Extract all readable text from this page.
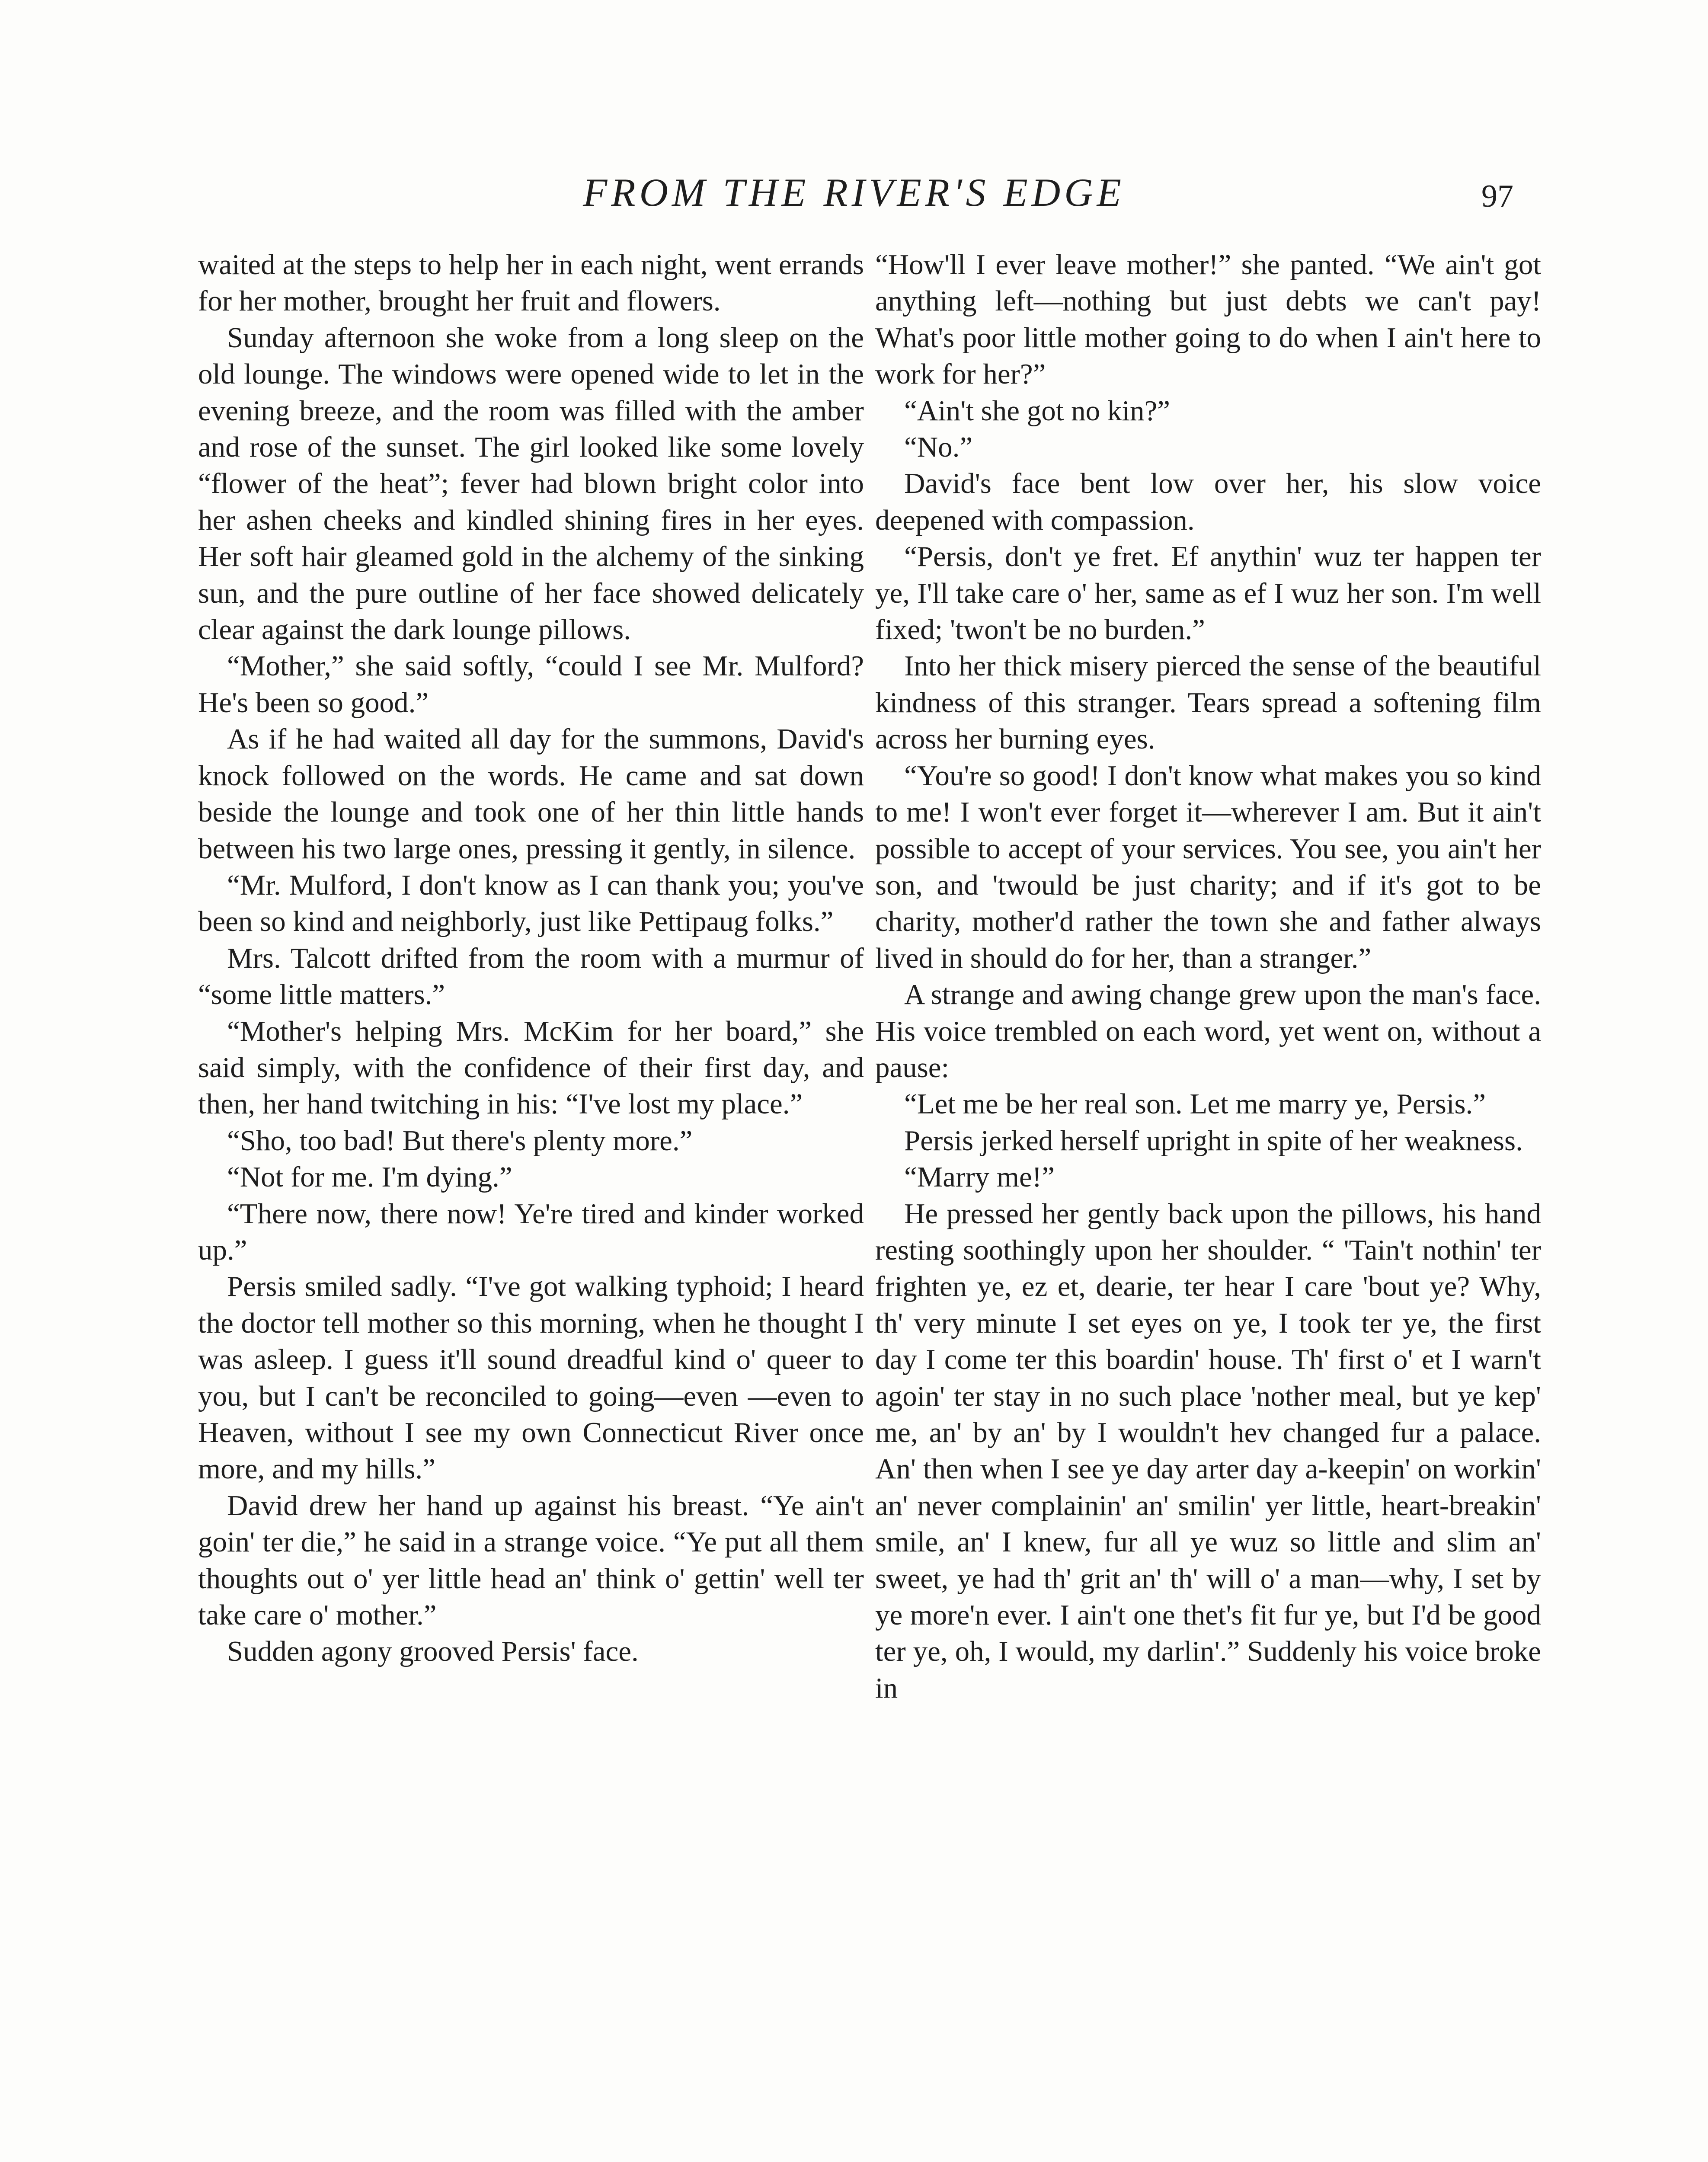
FROM THE RIVER'S EDGE	97

waited at the steps to help her in each night, went errands for her mother, brought her fruit and flowers.

Sunday afternoon she woke from a long sleep on the old lounge. The windows were opened wide to let in the evening breeze, and the room was filled with the amber and rose of the sunset. The girl looked like some lovely “flower of the heat”; fever had blown bright color into her ashen cheeks and kindled shining fires in her eyes. Her soft hair gleamed gold in the alchemy of the sinking sun, and the pure outline of her face showed delicately clear against the dark lounge pillows.

“Mother,” she said softly, “could I see Mr. Mulford? He's been so good.”

As if he had waited all day for the summons, David's knock followed on the words. He came and sat down beside the lounge and took one of her thin little hands between his two large ones, pressing it gently, in silence.

“Mr. Mulford, I don't know as I can thank you; you've been so kind and neighborly, just like Pettipaug folks.”

Mrs. Talcott drifted from the room with a murmur of “some little matters.”

“Mother's helping Mrs. McKim for her board,” she said simply, with the confidence of their first day, and then, her hand twitching in his: “I've lost my place.”

“Sho, too bad! But there's plenty more.”

“Not for me. I'm dying.”

“There now, there now! Ye're tired and kinder worked up.”

Persis smiled sadly. “I've got walking typhoid; I heard the doctor tell mother so this morning, when he thought I was asleep. I guess it'll sound dreadful kind o' queer to you, but I can't be reconciled to going—even —even to Heaven, without I see my own Connecticut River once more, and my hills.”

David drew her hand up against his breast. “Ye ain't goin' ter die,” he said in a strange voice. “Ye put all them thoughts out o' yer little head an' think o' gettin' well ter take care o' mother.”

Sudden agony grooved Persis' face.

“How'll I ever leave mother!” she panted. “We ain't got anything left—nothing but just debts we can't pay! What's poor little mother going to do when I ain't here to work for her?”

“Ain't she got no kin?”

“No.”

David's face bent low over her, his slow voice deepened with compassion.

“Persis, don't ye fret. Ef anythin' wuz ter happen ter ye, I'll take care o' her, same as ef I wuz her son. I'm well fixed; 'twon't be no burden.”

Into her thick misery pierced the sense of the beautiful kindness of this stranger. Tears spread a softening film across her burning eyes.

“You're so good! I don't know what makes you so kind to me! I won't ever forget it—wherever I am. But it ain't possible to accept of your services. You see, you ain't her son, and 'twould be just charity; and if it's got to be charity, mother'd rather the town she and father always lived in should do for her, than a stranger.”

A strange and awing change grew upon the man's face. His voice trembled on each word, yet went on, without a pause:

“Let me be her real son. Let me marry ye, Persis.”

Persis jerked herself upright in spite of her weakness.

“Marry me!”

He pressed her gently back upon the pillows, his hand resting soothingly upon her shoulder. “ 'Tain't nothin' ter frighten ye, ez et, dearie, ter hear I care 'bout ye? Why, th' very minute I set eyes on ye, I took ter ye, the first day I come ter this boardin' house. Th' first o' et I warn't agoin' ter stay in no such place 'nother meal, but ye kep' me, an' by an' by I wouldn't hev changed fur a palace. An' then when I see ye day arter day a-keepin' on workin' an' never complainin' an' smilin' yer little, heart-breakin' smile, an' I knew, fur all ye wuz so little and slim an' sweet, ye had th' grit an' th' will o' a man—why, I set by ye more'n ever. I ain't one thet's fit fur ye, but I'd be good ter ye, oh, I would, my darlin'.” Suddenly his voice broke in
